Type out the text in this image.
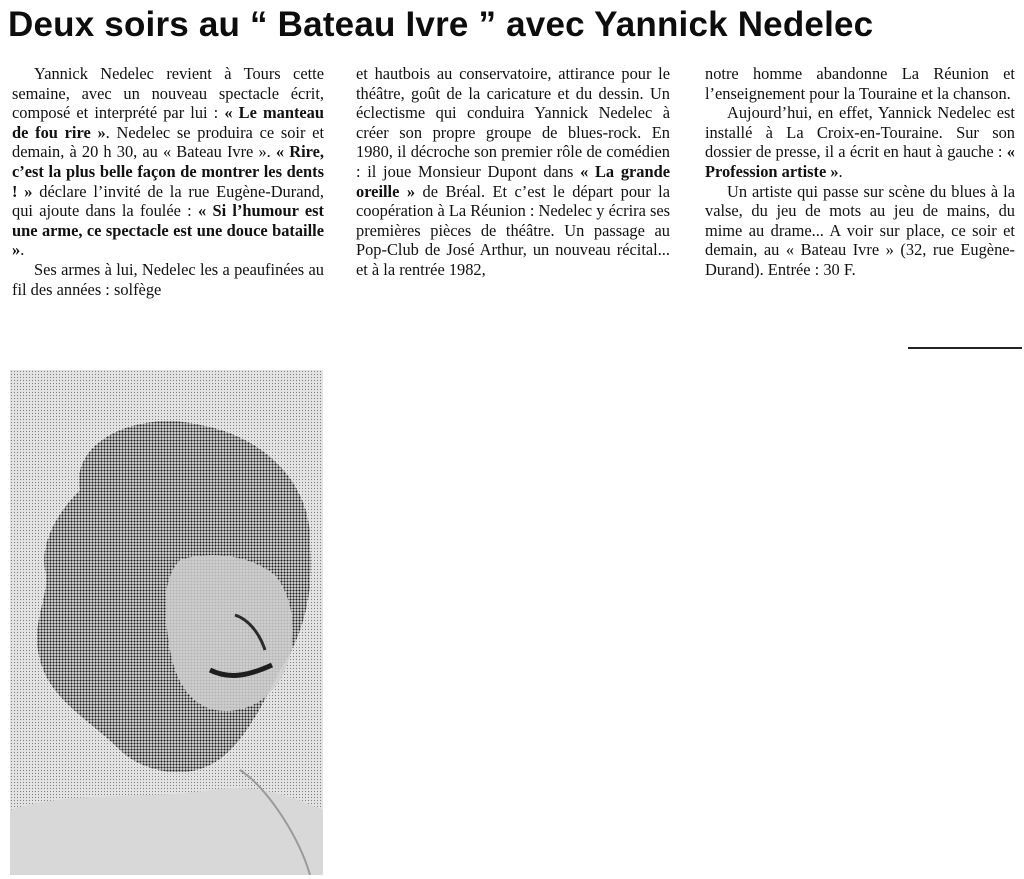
Deux soirs au “ Bateau Ivre ” avec Yannick Nedelec

Yannick Nedelec revient à Tours cette semaine, avec un nouveau spectacle écrit, composé et interprété par lui : « Le manteau de fou rire ». Nedelec se produira ce soir et demain, à 20 h 30, au « Bateau Ivre ». « Rire, c’est la plus belle façon de montrer les dents ! » déclare l’invité de la rue Eugène-Durand, qui ajoute dans la foulée : « Si l’humour est une arme, ce spectacle est une douce bataille ».

Ses armes à lui, Nedelec les a peaufinées au fil des années : solfège

et hautbois au conservatoire, attirance pour le théâtre, goût de la caricature et du dessin. Un éclectisme qui conduira Yannick Nedelec à créer son propre groupe de blues-rock. En 1980, il décroche son premier rôle de comédien : il joue Monsieur Dupont dans « La grande oreille » de Bréal. Et c’est le départ pour la coopération à La Réunion : Nedelec y écrira ses premières pièces de théâtre. Un passage au Pop-Club de José Arthur, un nouveau récital... et à la rentrée 1982,

notre homme abandonne La Réunion et l’enseignement pour la Touraine et la chanson.

Aujourd’hui, en effet, Yannick Nedelec est installé à La Croix-en-Touraine. Sur son dossier de presse, il a écrit en haut à gauche : « Profession artiste ».

Un artiste qui passe sur scène du blues à la valse, du jeu de mots au jeu de mains, du mime au drame... A voir sur place, ce soir et demain, au « Bateau Ivre » (32, rue Eugène-Durand). Entrée : 30 F.
